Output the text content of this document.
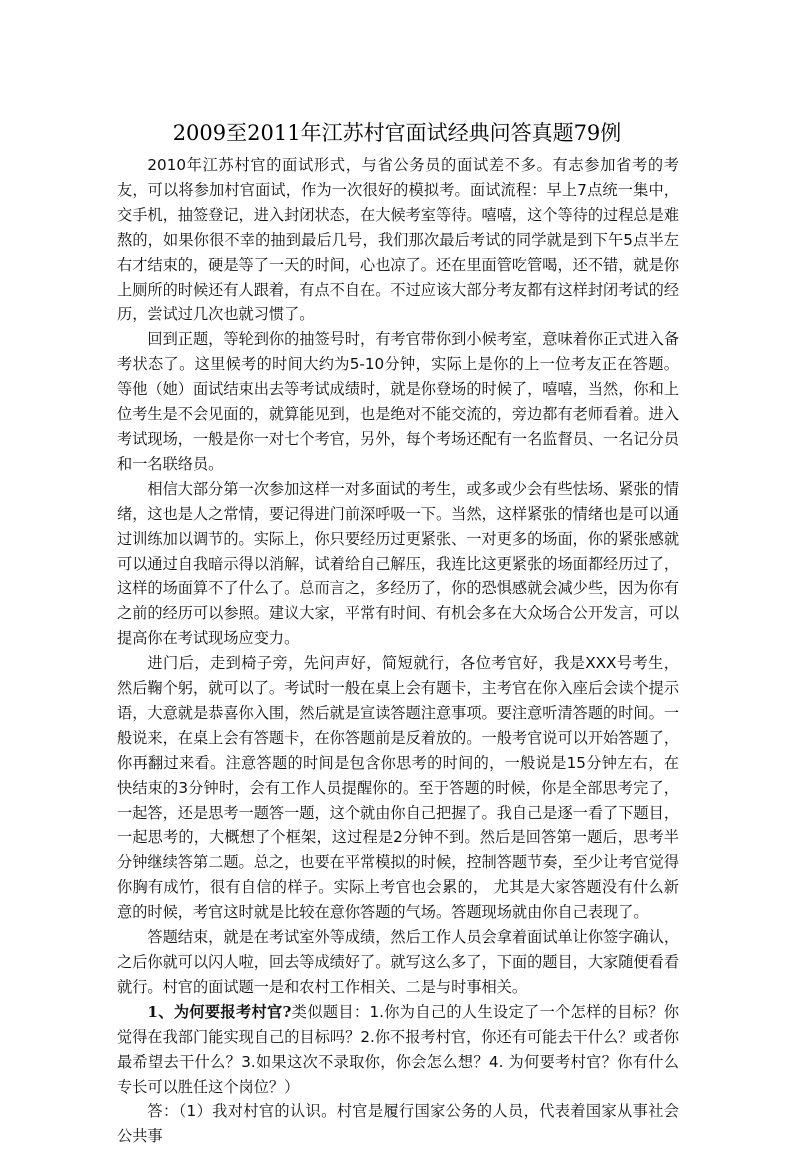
2009至2011年江苏村官面试经典问答真题79例

2010年江苏村官的面试形式，与省公务员的面试差不多。有志参加省考的考友，可以将参加村官面试，作为一次很好的模拟考。面试流程：早上7点统一集中，交手机，抽签登记，进入封闭状态，在大候考室等待。嘻嘻，这个等待的过程总是难熬的，如果你很不幸的抽到最后几号，我们那次最后考试的同学就是到下午5点半左右才结束的，硬是等了一天的时间，心也凉了。还在里面管吃管喝，还不错，就是你上厕所的时候还有人跟着，有点不自在。不过应该大部分考友都有这样封闭考试的经历，尝试过几次也就习惯了。

回到正题，等轮到你的抽签号时，有考官带你到小候考室，意味着你正式进入备考状态了。这里候考的时间大约为5-10分钟，实际上是你的上一位考友正在答题。等他（她）面试结束出去等考试成绩时，就是你登场的时候了，嘻嘻，当然，你和上位考生是不会见面的，就算能见到，也是绝对不能交流的，旁边都有老师看着。进入考试现场，一般是你一对七个考官，另外，每个考场还配有一名监督员、一名记分员和一名联络员。

相信大部分第一次参加这样一对多面试的考生，或多或少会有些怯场、紧张的情绪，这也是人之常情，要记得进门前深呼吸一下。当然，这样紧张的情绪也是可以通过训练加以调节的。实际上，你只要经历过更紧张、一对更多的场面，你的紧张感就可以通过自我暗示得以消解，试着给自己解压，我连比这更紧张的场面都经历过了，这样的场面算不了什么了。总而言之，多经历了，你的恐惧感就会减少些，因为你有之前的经历可以参照。建议大家，平常有时间、有机会多在大众场合公开发言，可以提高你在考试现场应变力。

进门后，走到椅子旁，先问声好，简短就行，各位考官好，我是XXX号考生，然后鞠个躬，就可以了。考试时一般在桌上会有题卡，主考官在你入座后会读个提示语，大意就是恭喜你入围，然后就是宣读答题注意事项。要注意听清答题的时间。一般说来，在桌上会有答题卡，在你答题前是反着放的。一般考官说可以开始答题了，你再翻过来看。注意答题的时间是包含你思考的时间的，一般说是15分钟左右，在快结束的3分钟时，会有工作人员提醒你的。至于答题的时候，你是全部思考完了，一起答，还是思考一题答一题，这个就由你自己把握了。我自己是逐一看了下题目，一起思考的，大概想了个框架，这过程是2分钟不到。然后是回答第一题后，思考半分钟继续答第二题。总之，也要在平常模拟的时候，控制答题节奏，至少让考官觉得你胸有成竹，很有自信的样子。实际上考官也会累的， 尤其是大家答题没有什么新意的时候，考官这时就是比较在意你答题的气场。答题现场就由你自己表现了。

答题结束，就是在考试室外等成绩，然后工作人员会拿着面试单让你签字确认，之后你就可以闪人啦，回去等成绩好了。就写这么多了，下面的题目，大家随便看看就行。村官的面试题一是和农村工作相关、二是与时事相关。

1、为何要报考村官?类似题目：1.你为自己的人生设定了一个怎样的目标？你觉得在我部门能实现自己的目标吗？2.你不报考村官，你还有可能去干什么？或者你最希望去干什么？3.如果这次不录取你，你会怎么想？4. 为何要考村官？你有什么专长可以胜任这个岗位？）

答：（1）我对村官的认识。村官是履行国家公务的人员，代表着国家从事社会公共事
